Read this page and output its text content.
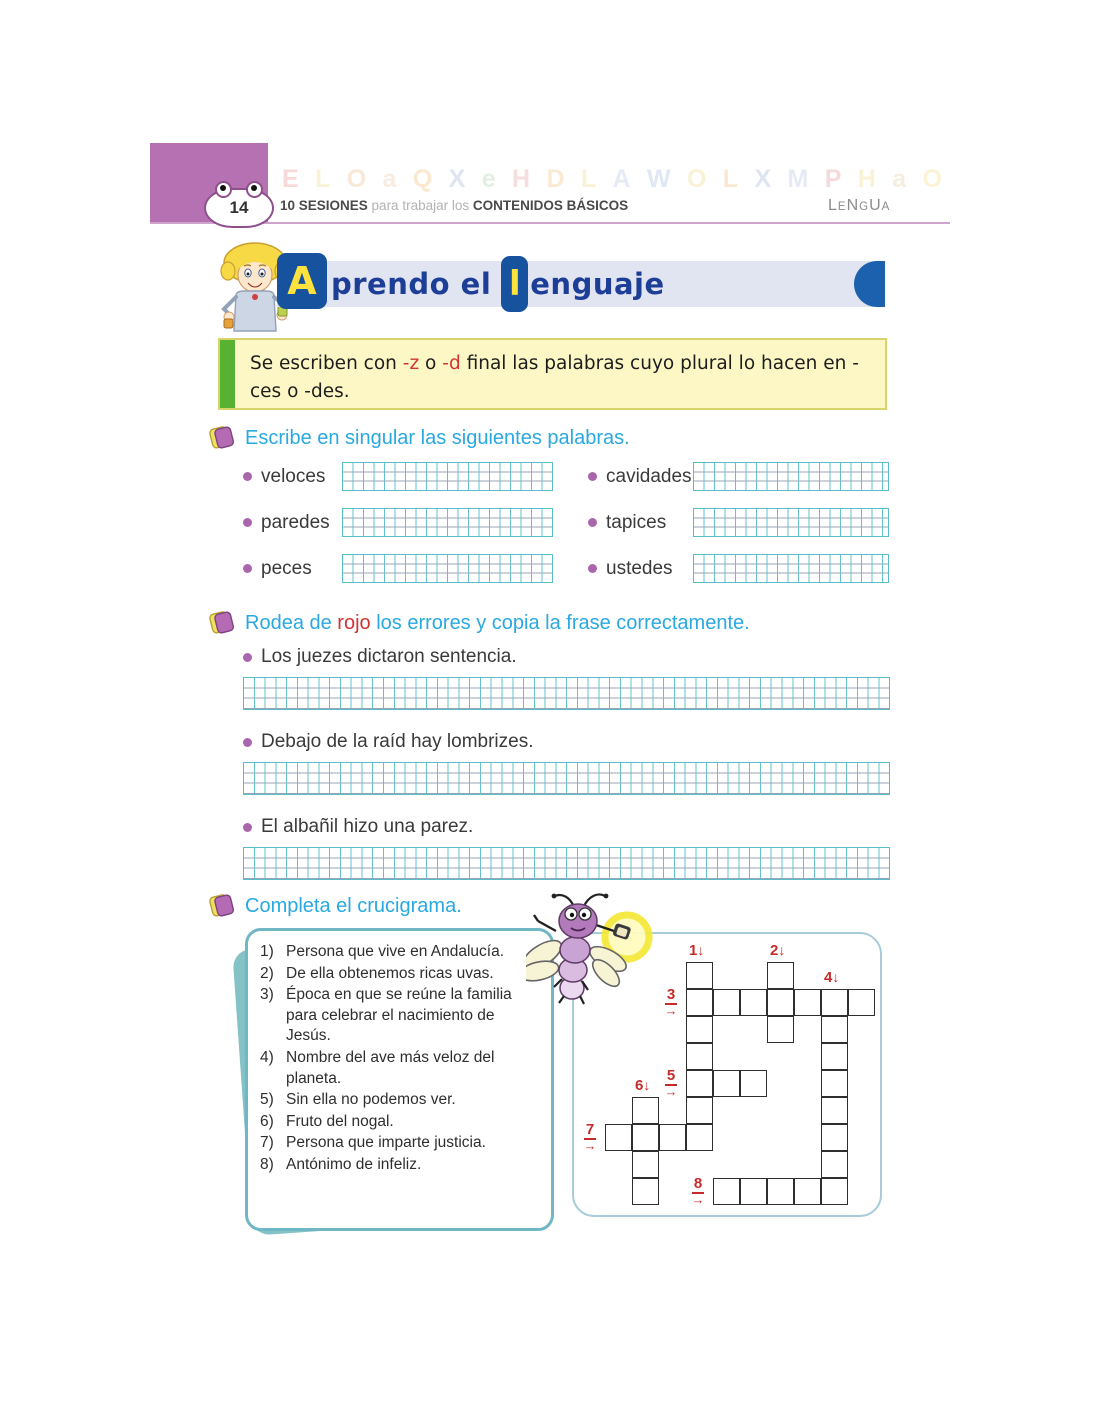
E L O a Q X e H D L A W O L X M P H a O
10 SESIONES para trabajar los CONTENIDOS BÁSICOS	LENGUA
14
A prendo el l enguaje
Se escriben con -z o -d final las palabras cuyo plural lo hacen en -ces o -des.
Escribe en singular las siguientes palabras.
veloces	cavidades
paredes	tapices
peces	ustedes
Rodea de rojo los errores y copia la frase correctamente.
Los juezes dictaron sentencia.
Debajo de la raíd hay lombrizes.
El albañil hizo una parez.
Completa el crucigrama.
1) Persona que vive en Andalucía.
2) De ella obtenemos ricas uvas.
3) Época en que se reúne la familia para celebrar el nacimiento de Jesús.
4) Nombre del ave más veloz del planeta.
5) Sin ella no podemos ver.
6) Fruto del nogal.
7) Persona que imparte justicia.
8) Antónimo de infeliz.
1↓	2↓
3
→
4↓
5
→
6↓
7
→
8
→
